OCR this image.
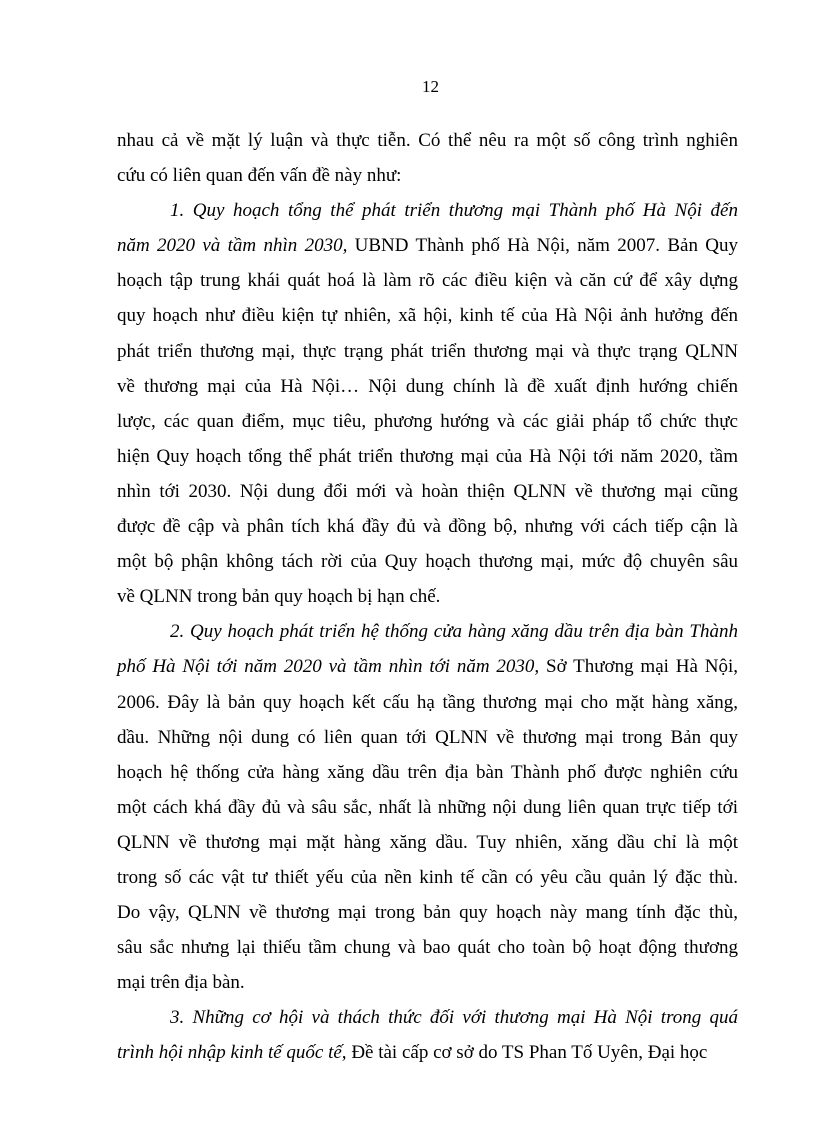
12
nhau cả về mặt lý luận và thực tiễn. Có thể nêu ra một số công trình nghiên
cứu có liên quan đến vấn đề này như:
1. Quy hoạch tổng thể phát triển thương mại Thành phố Hà Nội đến
năm 2020 và tầm nhìn 2030, UBND Thành phố Hà Nội, năm 2007. Bản Quy
hoạch tập trung khái quát hoá là làm rõ các điều kiện và căn cứ để xây dựng
quy hoạch như điều kiện tự nhiên, xã hội, kinh tế của Hà Nội ảnh hưởng đến
phát triển thương mại, thực trạng phát triển thương mại và thực trạng QLNN
về thương mại của Hà Nội… Nội dung chính là đề xuất định hướng chiến
lược, các quan điểm, mục tiêu, phương hướng và các giải pháp tổ chức thực
hiện Quy hoạch tổng thể phát triển thương mại của Hà Nội tới năm 2020, tầm
nhìn tới 2030. Nội dung đổi mới và hoàn thiện QLNN về thương mại cũng
được đề cập và phân tích khá đầy đủ và đồng bộ, nhưng với cách tiếp cận là
một bộ phận không tách rời của Quy hoạch thương mại, mức độ chuyên sâu
về QLNN trong bản quy hoạch bị hạn chế.
2. Quy hoạch phát triển hệ thống cửa hàng xăng dầu trên địa bàn Thành
phố Hà Nội tới năm 2020 và tầm nhìn tới năm 2030, Sở Thương mại Hà Nội,
2006. Đây là bản quy hoạch kết cấu hạ tầng thương mại cho mặt hàng xăng,
dầu. Những nội dung có liên quan tới QLNN về thương mại trong Bản quy
hoạch hệ thống cửa hàng xăng dầu trên địa bàn Thành phố được nghiên cứu
một cách khá đầy đủ và sâu sắc, nhất là những nội dung liên quan trực tiếp tới
QLNN về thương mại mặt hàng xăng dầu. Tuy nhiên, xăng dầu chỉ là một
trong số các vật tư thiết yếu của nền kinh tế cần có yêu cầu quản lý đặc thù.
Do vậy, QLNN về thương mại trong bản quy hoạch này mang tính đặc thù,
sâu sắc nhưng lại thiếu tầm chung và bao quát cho toàn bộ hoạt động thương
mại trên địa bàn.
3. Những cơ hội và thách thức đối với thương mại Hà Nội trong quá
trình hội nhập kinh tế quốc tế, Đề tài cấp cơ sở do TS Phan Tố Uyên, Đại học
